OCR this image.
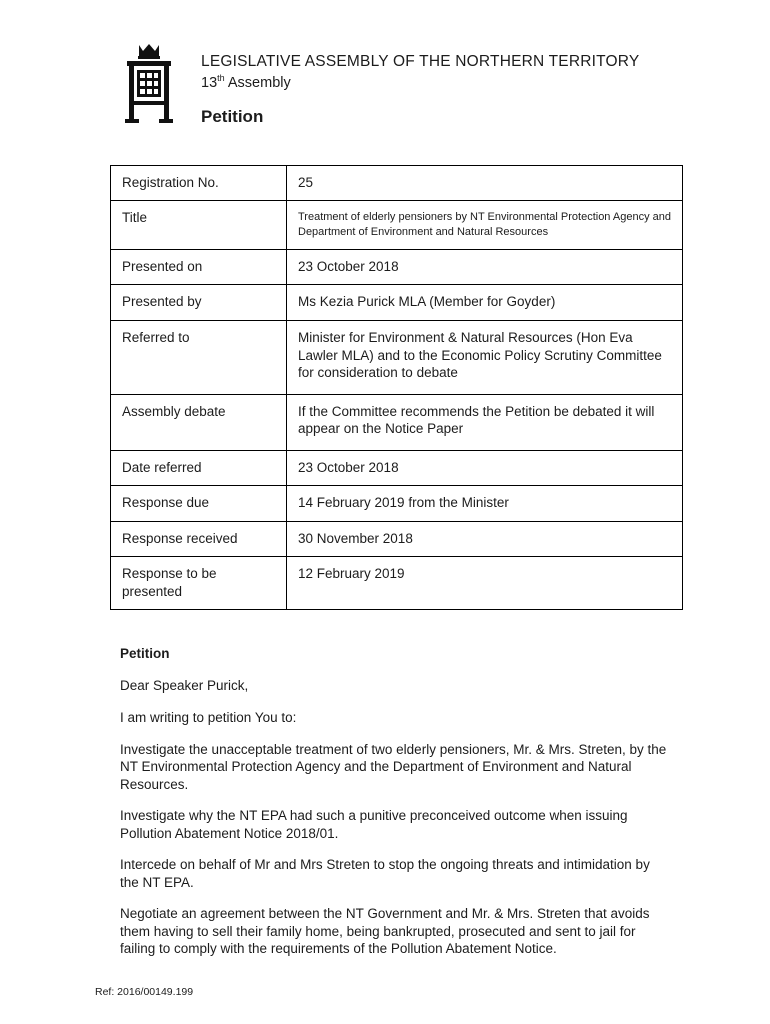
LEGISLATIVE ASSEMBLY OF THE NORTHERN TERRITORY
13th Assembly
Petition
Registration No.	25
Title	Treatment of elderly pensioners by NT Environmental Protection Agency and Department of Environment and Natural Resources
Presented on	23 October 2018
Presented by	Ms Kezia Purick MLA (Member for Goyder)
Referred to	Minister for Environment & Natural Resources (Hon Eva Lawler MLA) and to the Economic Policy Scrutiny Committee for consideration to debate
Assembly debate	If the Committee recommends the Petition be debated it will appear on the Notice Paper
Date referred	23 October 2018
Response due	14 February 2019 from the Minister
Response received	30 November 2018
Response to be presented	12 February 2019
Petition

Dear Speaker Purick,

I am writing to petition You to:

Investigate the unacceptable treatment of two elderly pensioners, Mr. & Mrs. Streten, by the NT Environmental Protection Agency and the Department of Environment and Natural Resources.

Investigate why the NT EPA had such a punitive preconceived outcome when issuing Pollution Abatement Notice 2018/01.

Intercede on behalf of Mr and Mrs Streten to stop the ongoing threats and intimidation by the NT EPA.

Negotiate an agreement between the NT Government and Mr. & Mrs. Streten that avoids them having to sell their family home, being bankrupted, prosecuted and sent to jail for failing to comply with the requirements of the Pollution Abatement Notice.

Ref: 2016/00149.199
